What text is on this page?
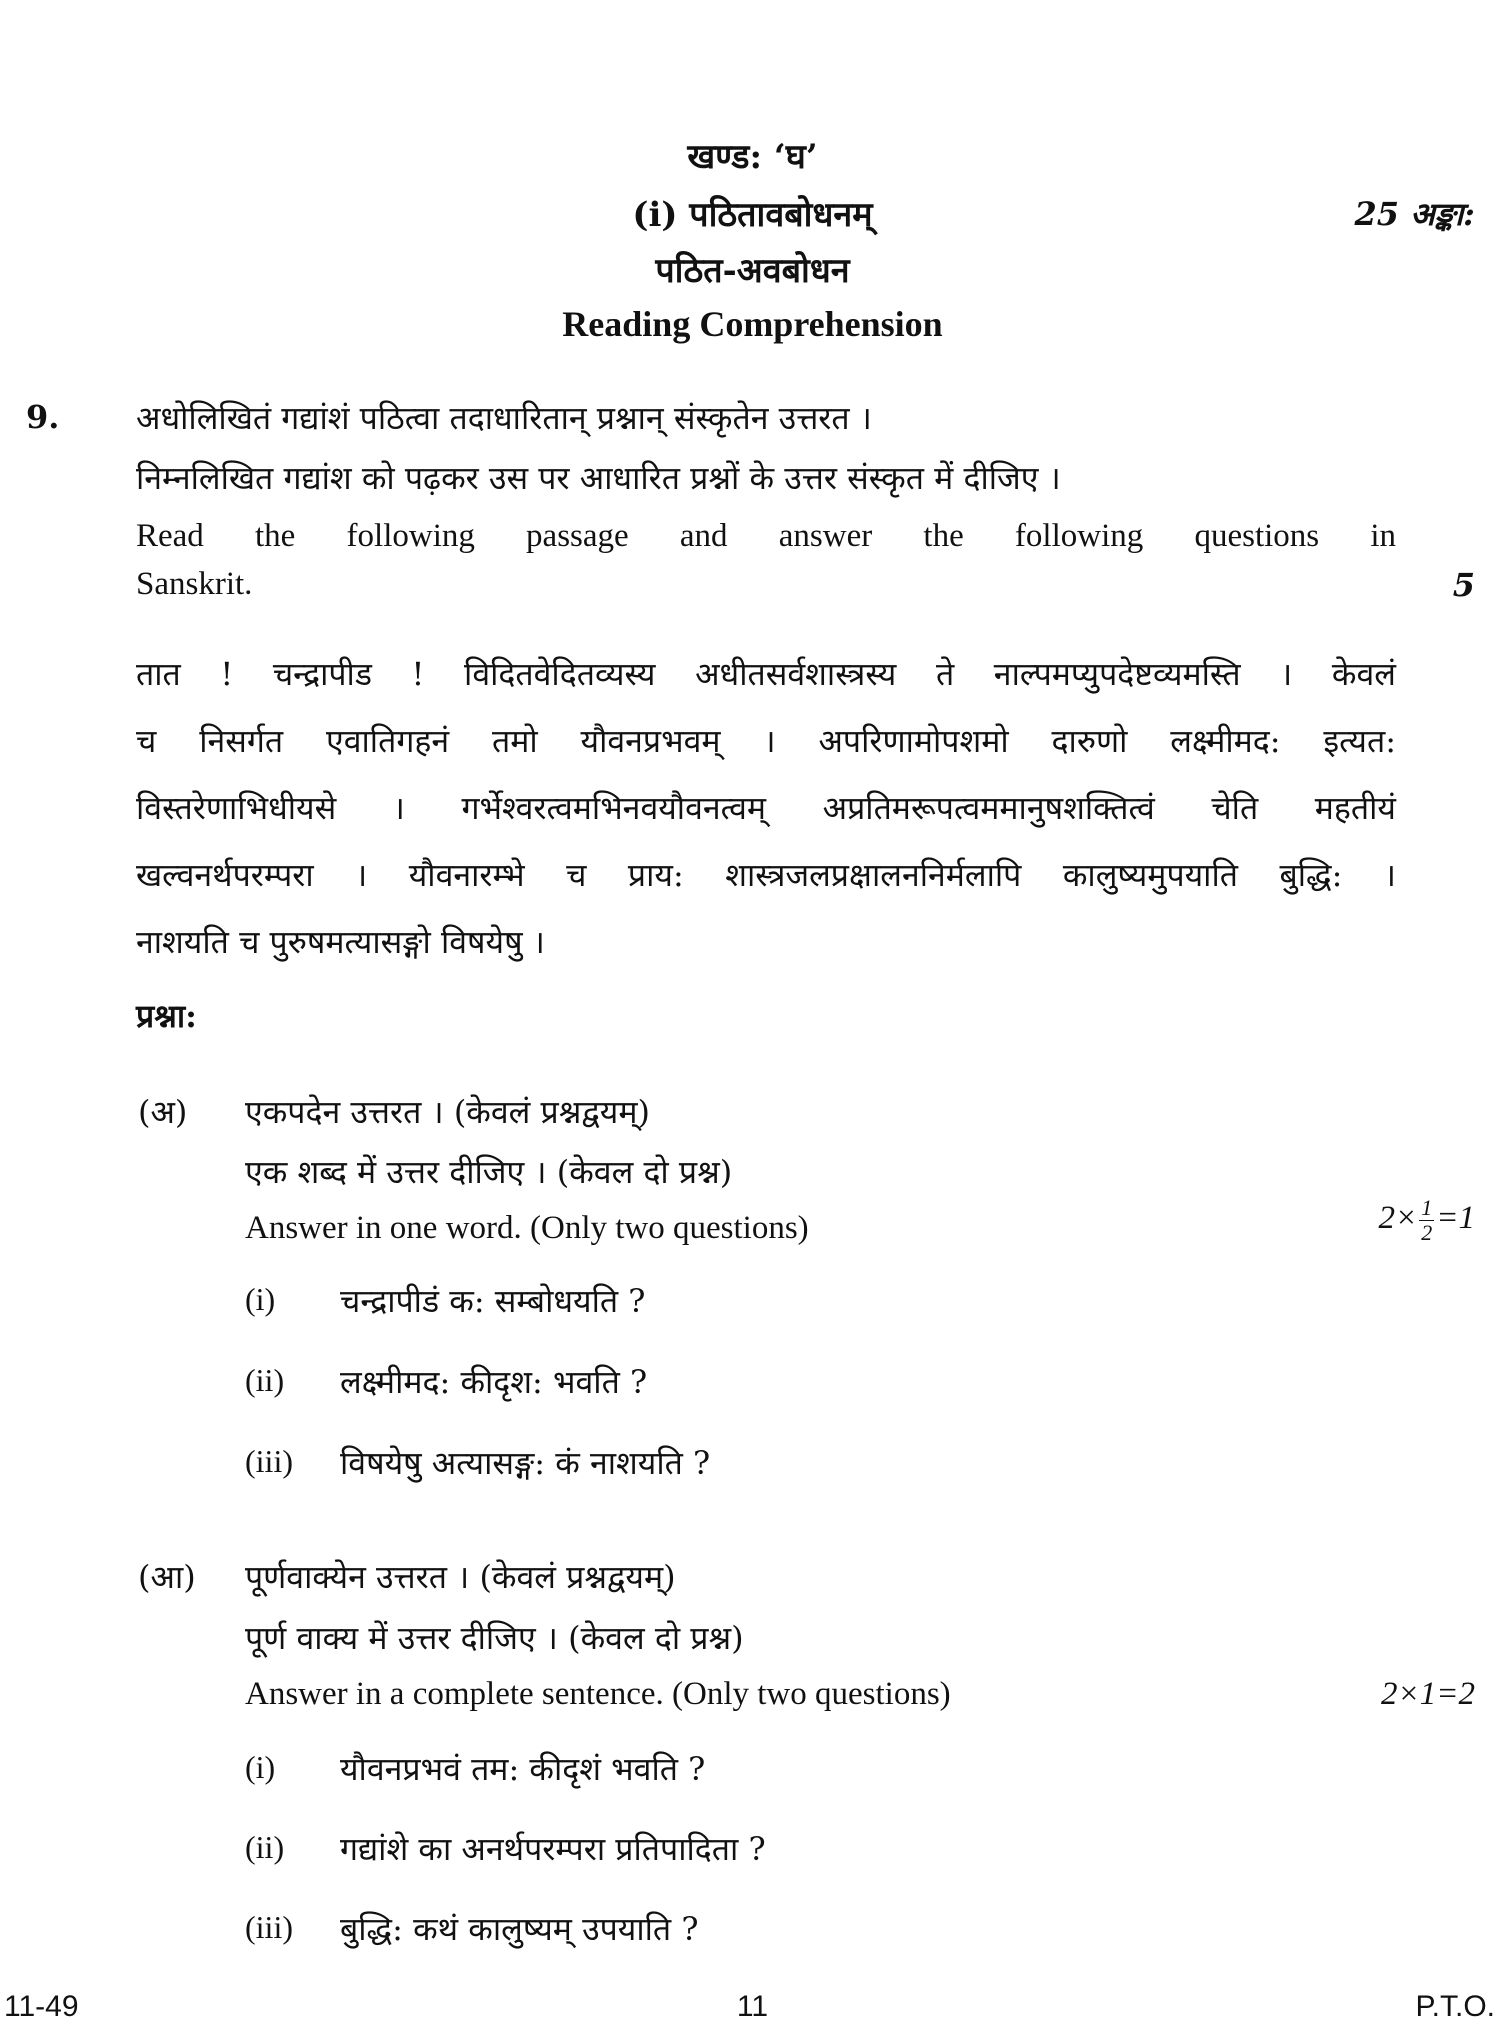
खण्ड: ‘घ’
(i) पठितावबोधनम्	25 अङ्का:
पठित-अवबोधन
Reading Comprehension
9. अधोलिखितं गद्यांशं पठित्वा तदाधारितान् प्रश्नान् संस्कृतेन उत्तरत ।
निम्नलिखित गद्यांश को पढ़कर उस पर आधारित प्रश्नों के उत्तर संस्कृत में दीजिए ।
Read the following passage and answer the following questions in
Sanskrit.	5
तात ! चन्द्रापीड ! विदितवेदितव्यस्य अधीतसर्वशास्त्रस्य ते नाल्पमप्युपदेष्टव्यमस्ति । केवलं
च निसर्गत एवातिगहनं तमो यौवनप्रभवम् । अपरिणामोपशमो दारुणो लक्ष्मीमद: इत्यत:
विस्तरेणाभिधीयसे । गर्भेश्वरत्वमभिनवयौवनत्वम् अप्रतिमरूपत्वममानुषशक्तित्वं चेति महतीयं
खल्वनर्थपरम्परा । यौवनारम्भे च प्राय: शास्त्रजलप्रक्षालननिर्मलापि कालुष्यमुपयाति बुद्धि: ।
नाशयति च पुरुषमत्यासङ्गो विषयेषु ।
प्रश्ना:
(अ) एकपदेन उत्तरत । (केवलं प्रश्नद्वयम्)
एक शब्द में उत्तर दीजिए । (केवल दो प्रश्न)
Answer in one word. (Only two questions)	$2\times \frac{1}{2} =1$
(i) चन्द्रापीडं क: सम्बोधयति ?
(ii) लक्ष्मीमद: कीदृश: भवति ?
(iii) विषयेषु अत्यासङ्ग: कं नाशयति ?
(आ) पूर्णवाक्येन उत्तरत । (केवलं प्रश्नद्वयम्)
पूर्ण वाक्य में उत्तर दीजिए । (केवल दो प्रश्न)
Answer in a complete sentence. (Only two questions)	2×1=2
(i) यौवनप्रभवं तम: कीदृशं भवति ?
(ii) गद्यांशे का अनर्थपरम्परा प्रतिपादिता ?
(iii) बुद्धि: कथं कालुष्यम् उपयाति ?
11-49	11	P.T.O.
